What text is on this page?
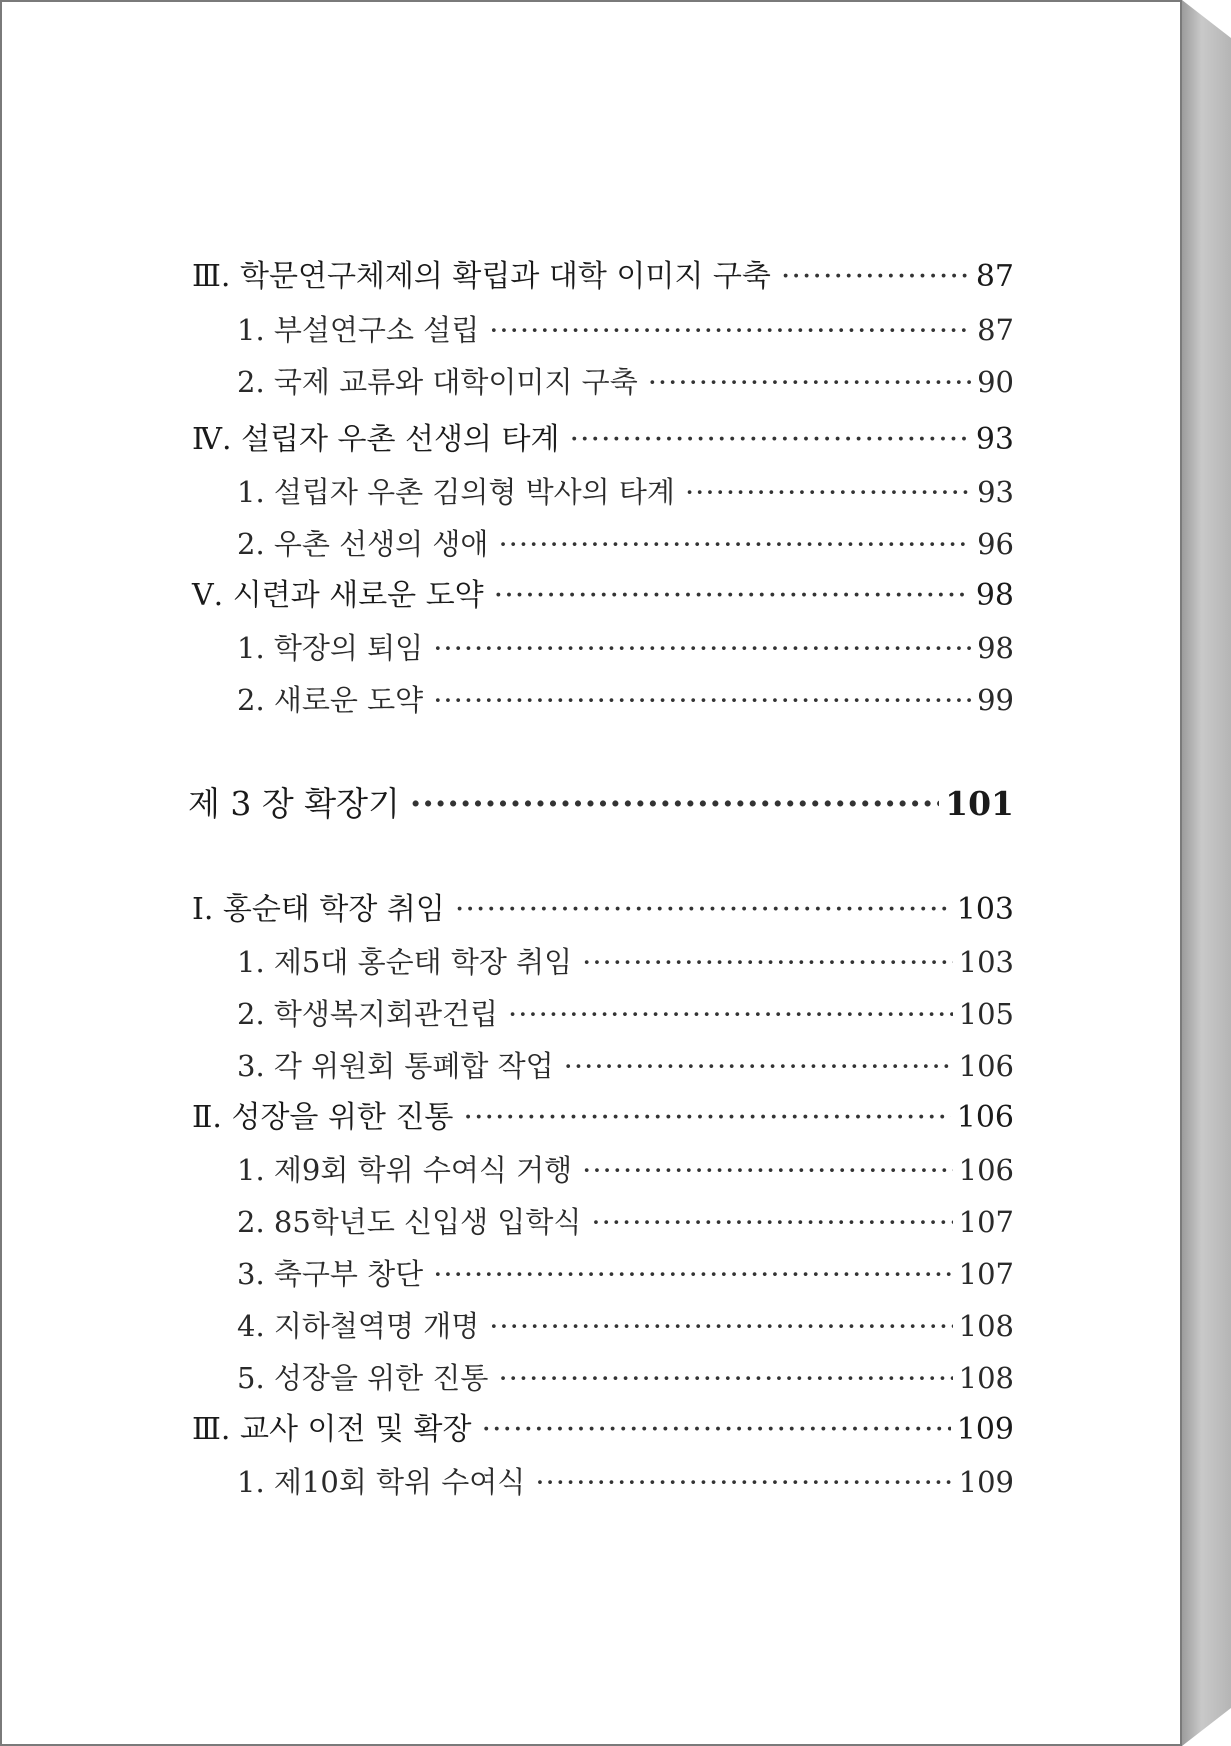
Ⅲ. 학문연구체제의 확립과 대학 이미지 구축 ·····	87
1. 부설연구소 설립 ·····	87
2. 국제 교류와 대학이미지 구축 ·····	90
Ⅳ. 설립자 우촌 선생의 타계 ·····	93
1. 설립자 우촌 김의형 박사의 타계 ·····	93
2. 우촌 선생의 생애 ·····	96
Ⅴ. 시련과 새로운 도약 ·····	98
1. 학장의 퇴임 ·····	98
2. 새로운 도약 ·····	99
제 3 장 확장기 ·····	101
Ⅰ. 홍순태 학장 취임 ·····	103
1. 제5대 홍순태 학장 취임 ·····	103
2. 학생복지회관건립 ·····	105
3. 각 위원회 통폐합 작업 ·····	106
Ⅱ. 성장을 위한 진통 ·····	106
1. 제9회 학위 수여식 거행 ·····	106
2. 85학년도 신입생 입학식 ·····	107
3. 축구부 창단 ·····	107
4. 지하철역명 개명 ·····	108
5. 성장을 위한 진통 ·····	108
Ⅲ. 교사 이전 및 확장 ·····	109
1. 제10회 학위 수여식 ·····	109
